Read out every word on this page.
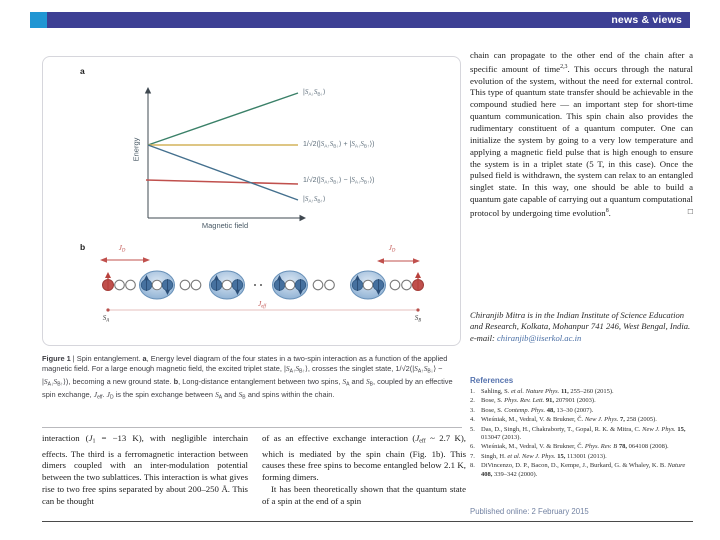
news & views
a
Energy
Magnetic field
$|S_{A↓}S_{B↓}⟩$
$1/√2(|S_{A↑}S_{B↓}⟩$ + $|S_{A↓}S_{B↑}⟩$)
$1/√2(|S_{A↑}S_{B↓}⟩$ − $|S_{A↓}S_{B↑}⟩$)
$|S_{A↑}S_{B↑}⟩$
b	$J_D$	$J_D$
$J_{eff}$
$S_A$	$S_B$
Figure 1 | Spin entanglement. a, Energy level diagram of the four states in a two-spin interaction as a function of the applied magnetic field. For a large enough magnetic field, the excited triplet state, $|S_{A↑}S_{B↑}⟩$, crosses the singlet state, $1/√2(|S_{A↑}S_{B↓}⟩$ − $|S_{A↓}S_{B↑}⟩$), becoming a new ground state. b, Long-distance entanglement between two spins, $S_A$ and $S_B$, coupled by an effective spin exchange, $J_{eff}$. $J_D$ is the spin exchange between $S_A$ and $S_B$ and spins within the chain.

interaction ($J_1 = -13$ K), with negligible interchain effects. The third is a ferromagnetic interaction between dimers coupled with an inter-modulation potential between the two sublattices. This interaction is what gives rise to two free spins separated by about 200–250 Å. This can be thought

of as an effective exchange interaction ($J_{eff}$ ~ 2.7 K), which is mediated by the spin chain (Fig. 1b). This causes these free spins to become entangled below 2.1 K, forming dimers.

It has been theoretically shown that the quantum state of a spin at the end of a spin

chain can propagate to the other end of the chain after a specific amount of time$^{2,3}$. This occurs through the natural evolution of the system, without the need for external control. This type of quantum state transfer should be achievable in the compound studied here — an important step for short-time quantum communication. This spin chain also provides the rudimentary constituent of a quantum computer. One can initialize the system by going to a very low temperature and applying a magnetic field pulse that is high enough to ensure the system is in a triplet state (5 T, in this case). Once the pulsed field is withdrawn, the system can relax to an entangled singlet state. In this way, one should be able to build a quantum gate capable of carrying out a quantum computational protocol by undergoing time evolution$^8$.	□

Chiranjib Mitra is in the Indian Institute of Science Education and Research, Kolkata, Mohanpur 741 246, West Bengal, India.
e-mail: chiranjib@iiserkol.ac.in
References
1. Sahling, S. et al. Nature Phys. 11, 255–260 (2015).
2. Bose, S. Phys. Rev. Lett. 91, 207901 (2003).
3. Bose, S. Contemp. Phys. 48, 13–30 (2007).
4. Wieśniak, M., Vedral, V. & Brukner, Č. New J. Phys. 7, 258 (2005).
5. Das, D., Singh, H., Chakraborty, T., Gopal, R. K. & Mitra, C. New J. Phys. 15, 013047 (2013).
6. Wieśniak, M., Vedral, V. & Brukner, Č. Phys. Rev. B 78, 064108 (2008).
7. Singh, H. et al. New J. Phys. 15, 113001 (2013).
8. DiVincenzo, D. P., Bacon, D., Kempe, J., Burkard, G. & Whaley, K. B. Nature 408, 339–342 (2000).
Published online: 2 February 2015
